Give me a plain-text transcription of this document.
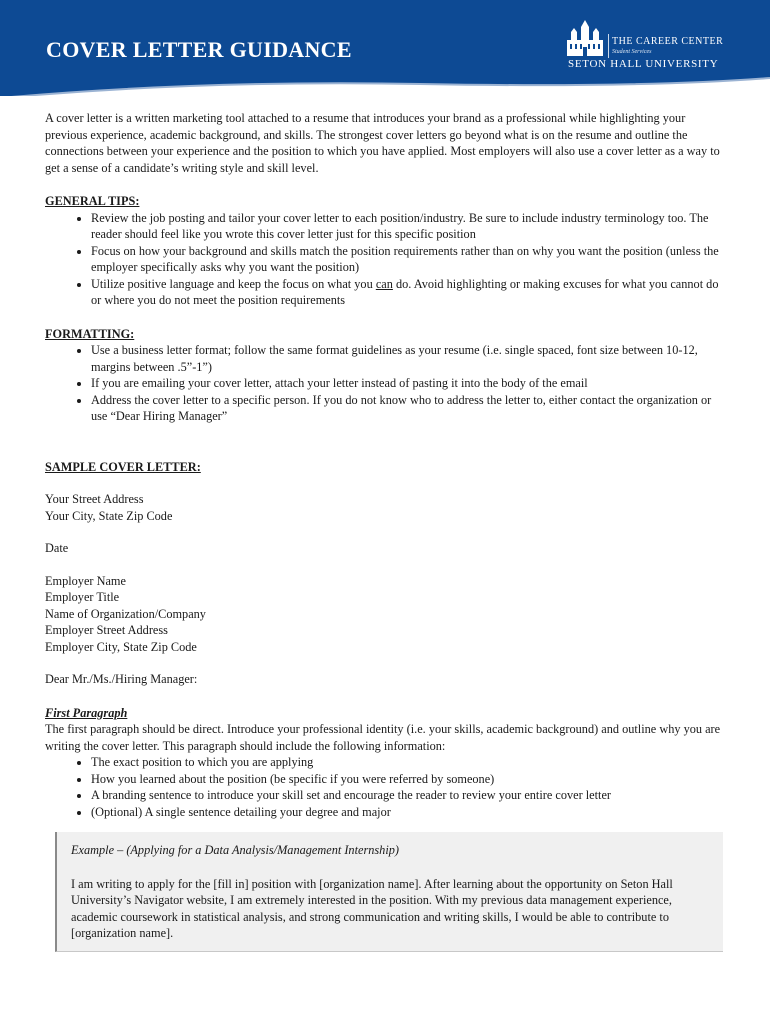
COVER LETTER GUIDANCE	THE CAREER CENTER
Student Services
SETON HALL UNIVERSITY

A cover letter is a written marketing tool attached to a resume that introduces your brand as a professional while highlighting your previous experience, academic background, and skills. The strongest cover letters go beyond what is on the resume and outline the connections between your experience and the position to which you have applied. Most employers will also use a cover letter as a way to get a sense of a candidate’s writing style and skill level.

GENERAL TIPS:

• Review the job posting and tailor your cover letter to each position/industry. Be sure to include industry terminology too. The reader should feel like you wrote this cover letter just for this specific position
• Focus on how your background and skills match the position requirements rather than on why you want the position (unless the employer specifically asks why you want the position)
• Utilize positive language and keep the focus on what you can do. Avoid highlighting or making excuses for what you cannot do or where you do not meet the position requirements

FORMATTING:

• Use a business letter format; follow the same format guidelines as your resume (i.e. single spaced, font size between 10-12, margins between .5”-1”)
• If you are emailing your cover letter, attach your letter instead of pasting it into the body of the email
• Address the cover letter to a specific person. If you do not know who to address the letter to, either contact the organization or use “Dear Hiring Manager”

SAMPLE COVER LETTER:

Your Street Address

Your City, State Zip Code

Date

Employer Name

Employer Title

Name of Organization/Company

Employer Street Address

Employer City, State Zip Code

Dear Mr./Ms./Hiring Manager:

First Paragraph

The first paragraph should be direct. Introduce your professional identity (i.e. your skills, academic background) and outline why you are writing the cover letter. This paragraph should include the following information:

• The exact position to which you are applying
• How you learned about the position (be specific if you were referred by someone)
• A branding sentence to introduce your skill set and encourage the reader to review your entire cover letter
• (Optional) A single sentence detailing your degree and major

Example – (Applying for a Data Analysis/Management Internship)

I am writing to apply for the [fill in] position with [organization name]. After learning about the opportunity on Seton Hall University’s Navigator website, I am extremely interested in the position. With my previous data management experience, academic coursework in statistical analysis, and strong communication and writing skills, I would be able to contribute to [organization name].
